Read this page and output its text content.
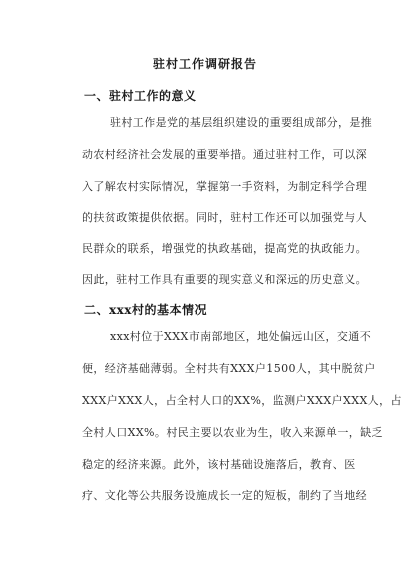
驻村工作调研报告
一、驻村工作的意义
驻村工作是党的基层组织建设的重要组成部分，是推
动农村经济社会发展的重要举措。通过驻村工作，可以深
入了解农村实际情况，掌握第一手资料，为制定科学合理
的扶贫政策提供依据。同时，驻村工作还可以加强党与人
民群众的联系，增强党的执政基础，提高党的执政能力。
因此，驻村工作具有重要的现实意义和深远的历史意义。
二、xxx村的基本情况
xxx村位于XXX市南部地区，地处偏远山区，交通不
便，经济基础薄弱。全村共有XXX户1500人，其中脱贫户
XXX户XXX人，占全村人口的XX%，监测户XXX户XXX人，占
全村人口XX%。村民主要以农业为生，收入来源单一，缺乏
稳定的经济来源。此外，该村基础设施落后，教育、医
疗、文化等公共服务设施成长一定的短板，制约了当地经
